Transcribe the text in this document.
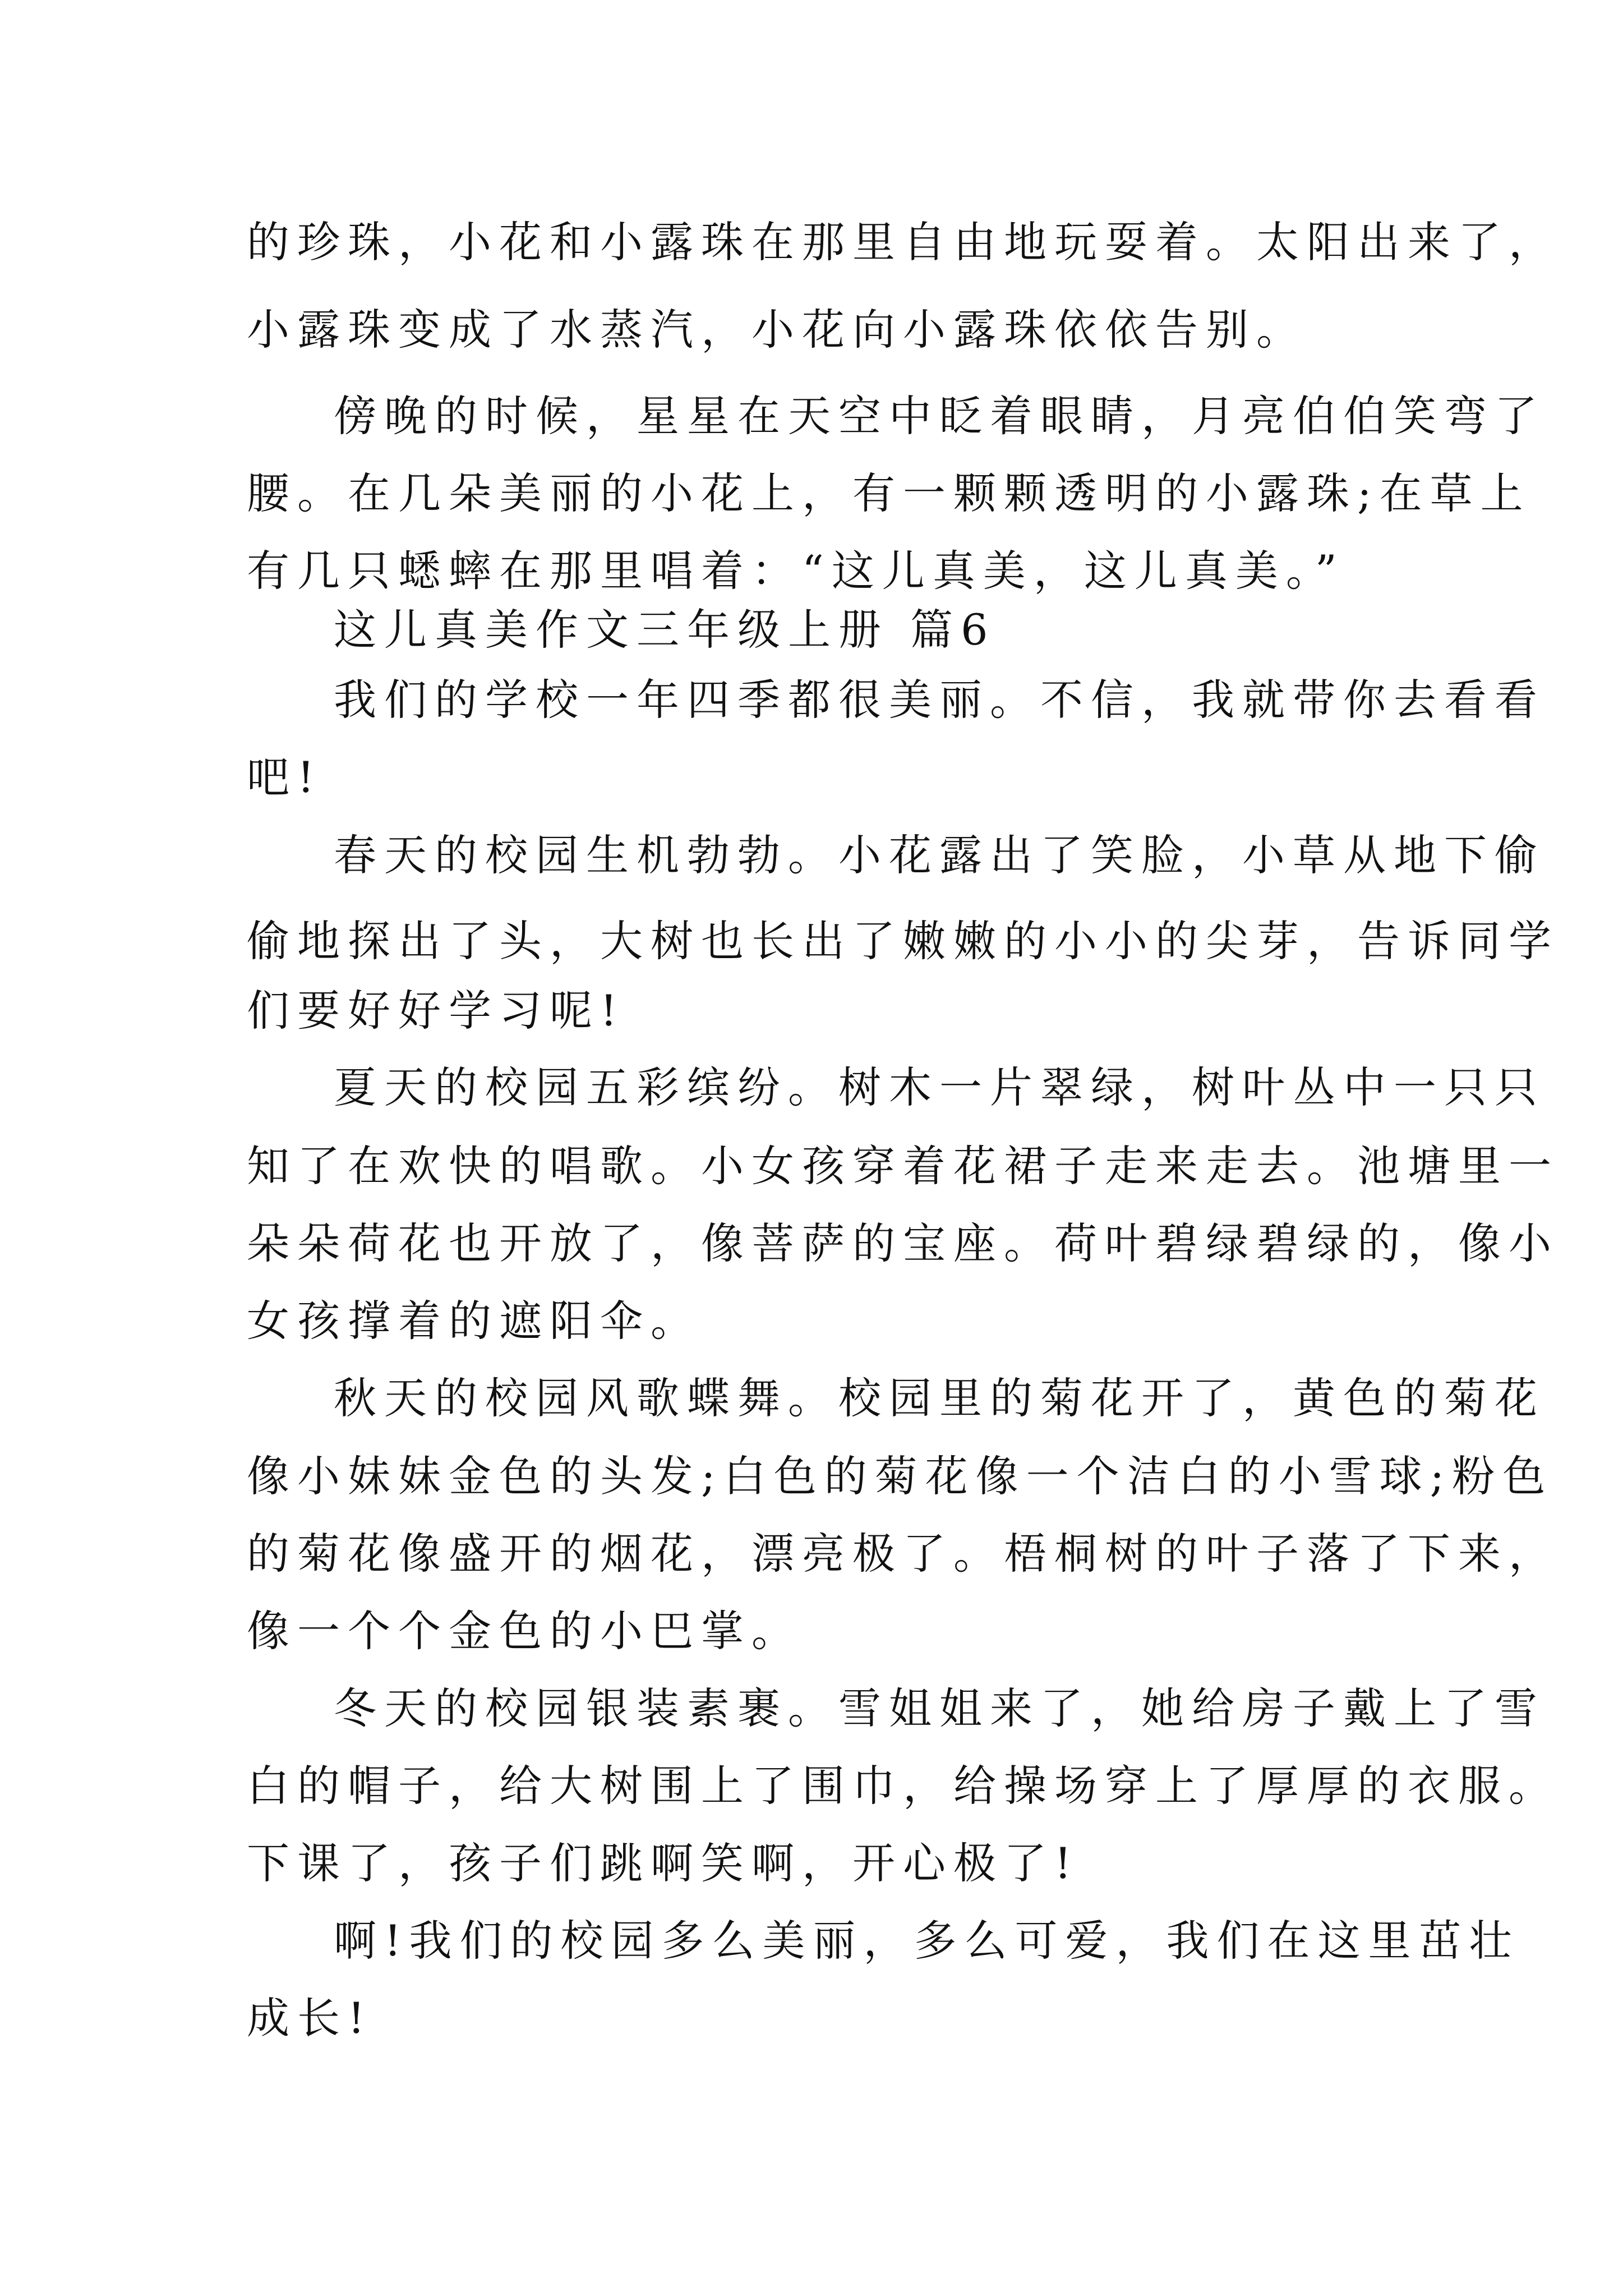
的珍珠，小花和小露珠在那里自由地玩耍着。太阳出来了，
小露珠变成了水蒸汽，小花向小露珠依依告别。
傍晚的时候，星星在天空中眨着眼睛，月亮伯伯笑弯了
腰。在几朵美丽的小花上，有一颗颗透明的小露珠;在草上
有几只蟋蟀在那里唱着：“这儿真美，这儿真美。”
这儿真美作文三年级上册 篇6
我们的学校一年四季都很美丽。不信，我就带你去看看
吧!
春天的校园生机勃勃。小花露出了笑脸，小草从地下偷
偷地探出了头，大树也长出了嫩嫩的小小的尖芽，告诉同学
们要好好学习呢!
夏天的校园五彩缤纷。树木一片翠绿，树叶丛中一只只
知了在欢快的唱歌。小女孩穿着花裙子走来走去。池塘里一
朵朵荷花也开放了，像菩萨的宝座。荷叶碧绿碧绿的，像小
女孩撑着的遮阳伞。
秋天的校园风歌蝶舞。校园里的菊花开了，黄色的菊花
像小妹妹金色的头发;白色的菊花像一个洁白的小雪球;粉色
的菊花像盛开的烟花，漂亮极了。梧桐树的叶子落了下来，
像一个个金色的小巴掌。
冬天的校园银装素裹。雪姐姐来了，她给房子戴上了雪
白的帽子，给大树围上了围巾，给操场穿上了厚厚的衣服。
下课了，孩子们跳啊笑啊，开心极了!
啊!我们的校园多么美丽，多么可爱，我们在这里茁壮
成长!
